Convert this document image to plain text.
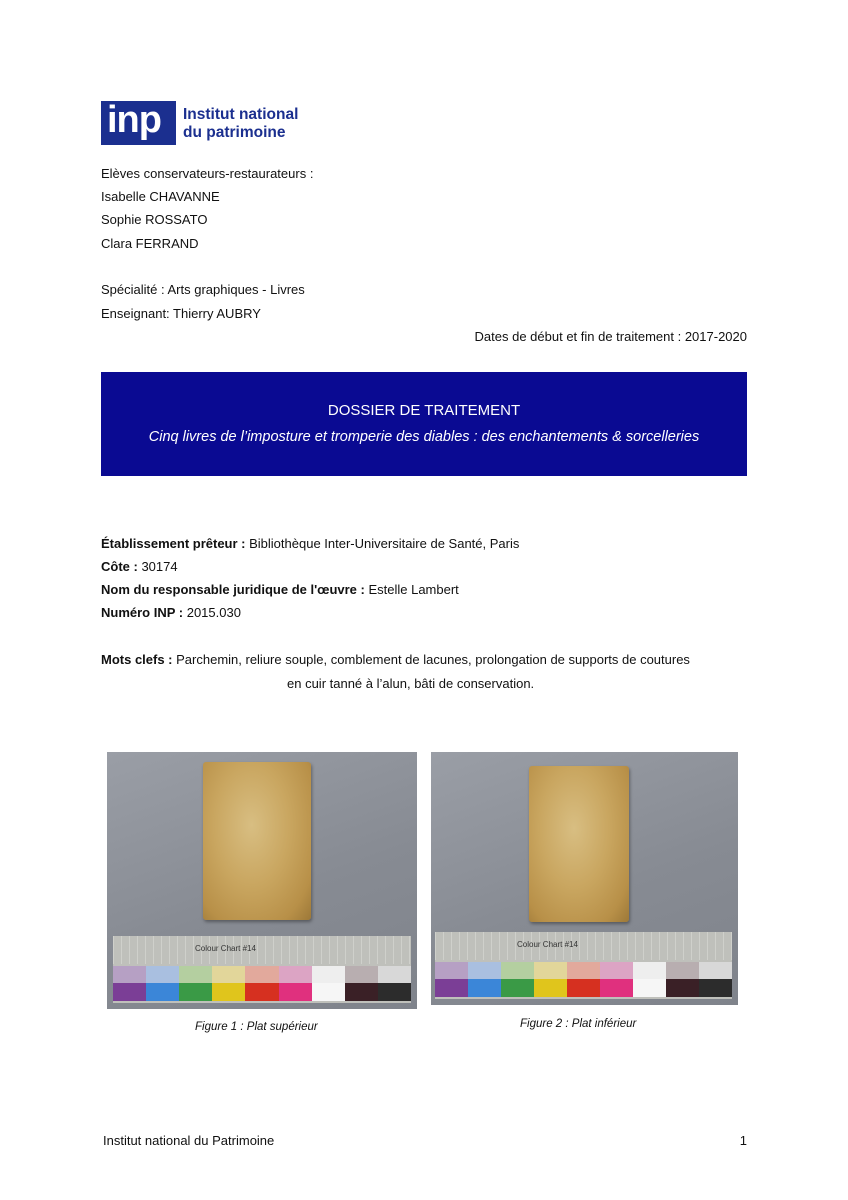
inp Institut national
du patrimoine
Elèves conservateurs-restaurateurs :
Isabelle CHAVANNE
Sophie ROSSATO
Clara FERRAND
Spécialité : Arts graphiques - Livres
Enseignant: Thierry AUBRY
Dates de début et fin de traitement : 2017-2020
DOSSIER DE TRAITEMENT
Cinq livres de l’imposture et tromperie des diables : des enchantements & sorcelleries
Établissement prêteur : Bibliothèque Inter-Universitaire de Santé, Paris
Côte : 30174
Nom du responsable juridique de l'œuvre : Estelle Lambert
Numéro INP : 2015.030
Mots clefs : Parchemin, reliure souple, comblement de lacunes, prolongation de supports de coutures
en cuir tanné à l’alun, bâti de conservation.
Colour Chart #14
Figure 1 : Plat supérieur
Colour Chart #14
Figure 2 : Plat inférieur
Institut national du Patrimoine	1
